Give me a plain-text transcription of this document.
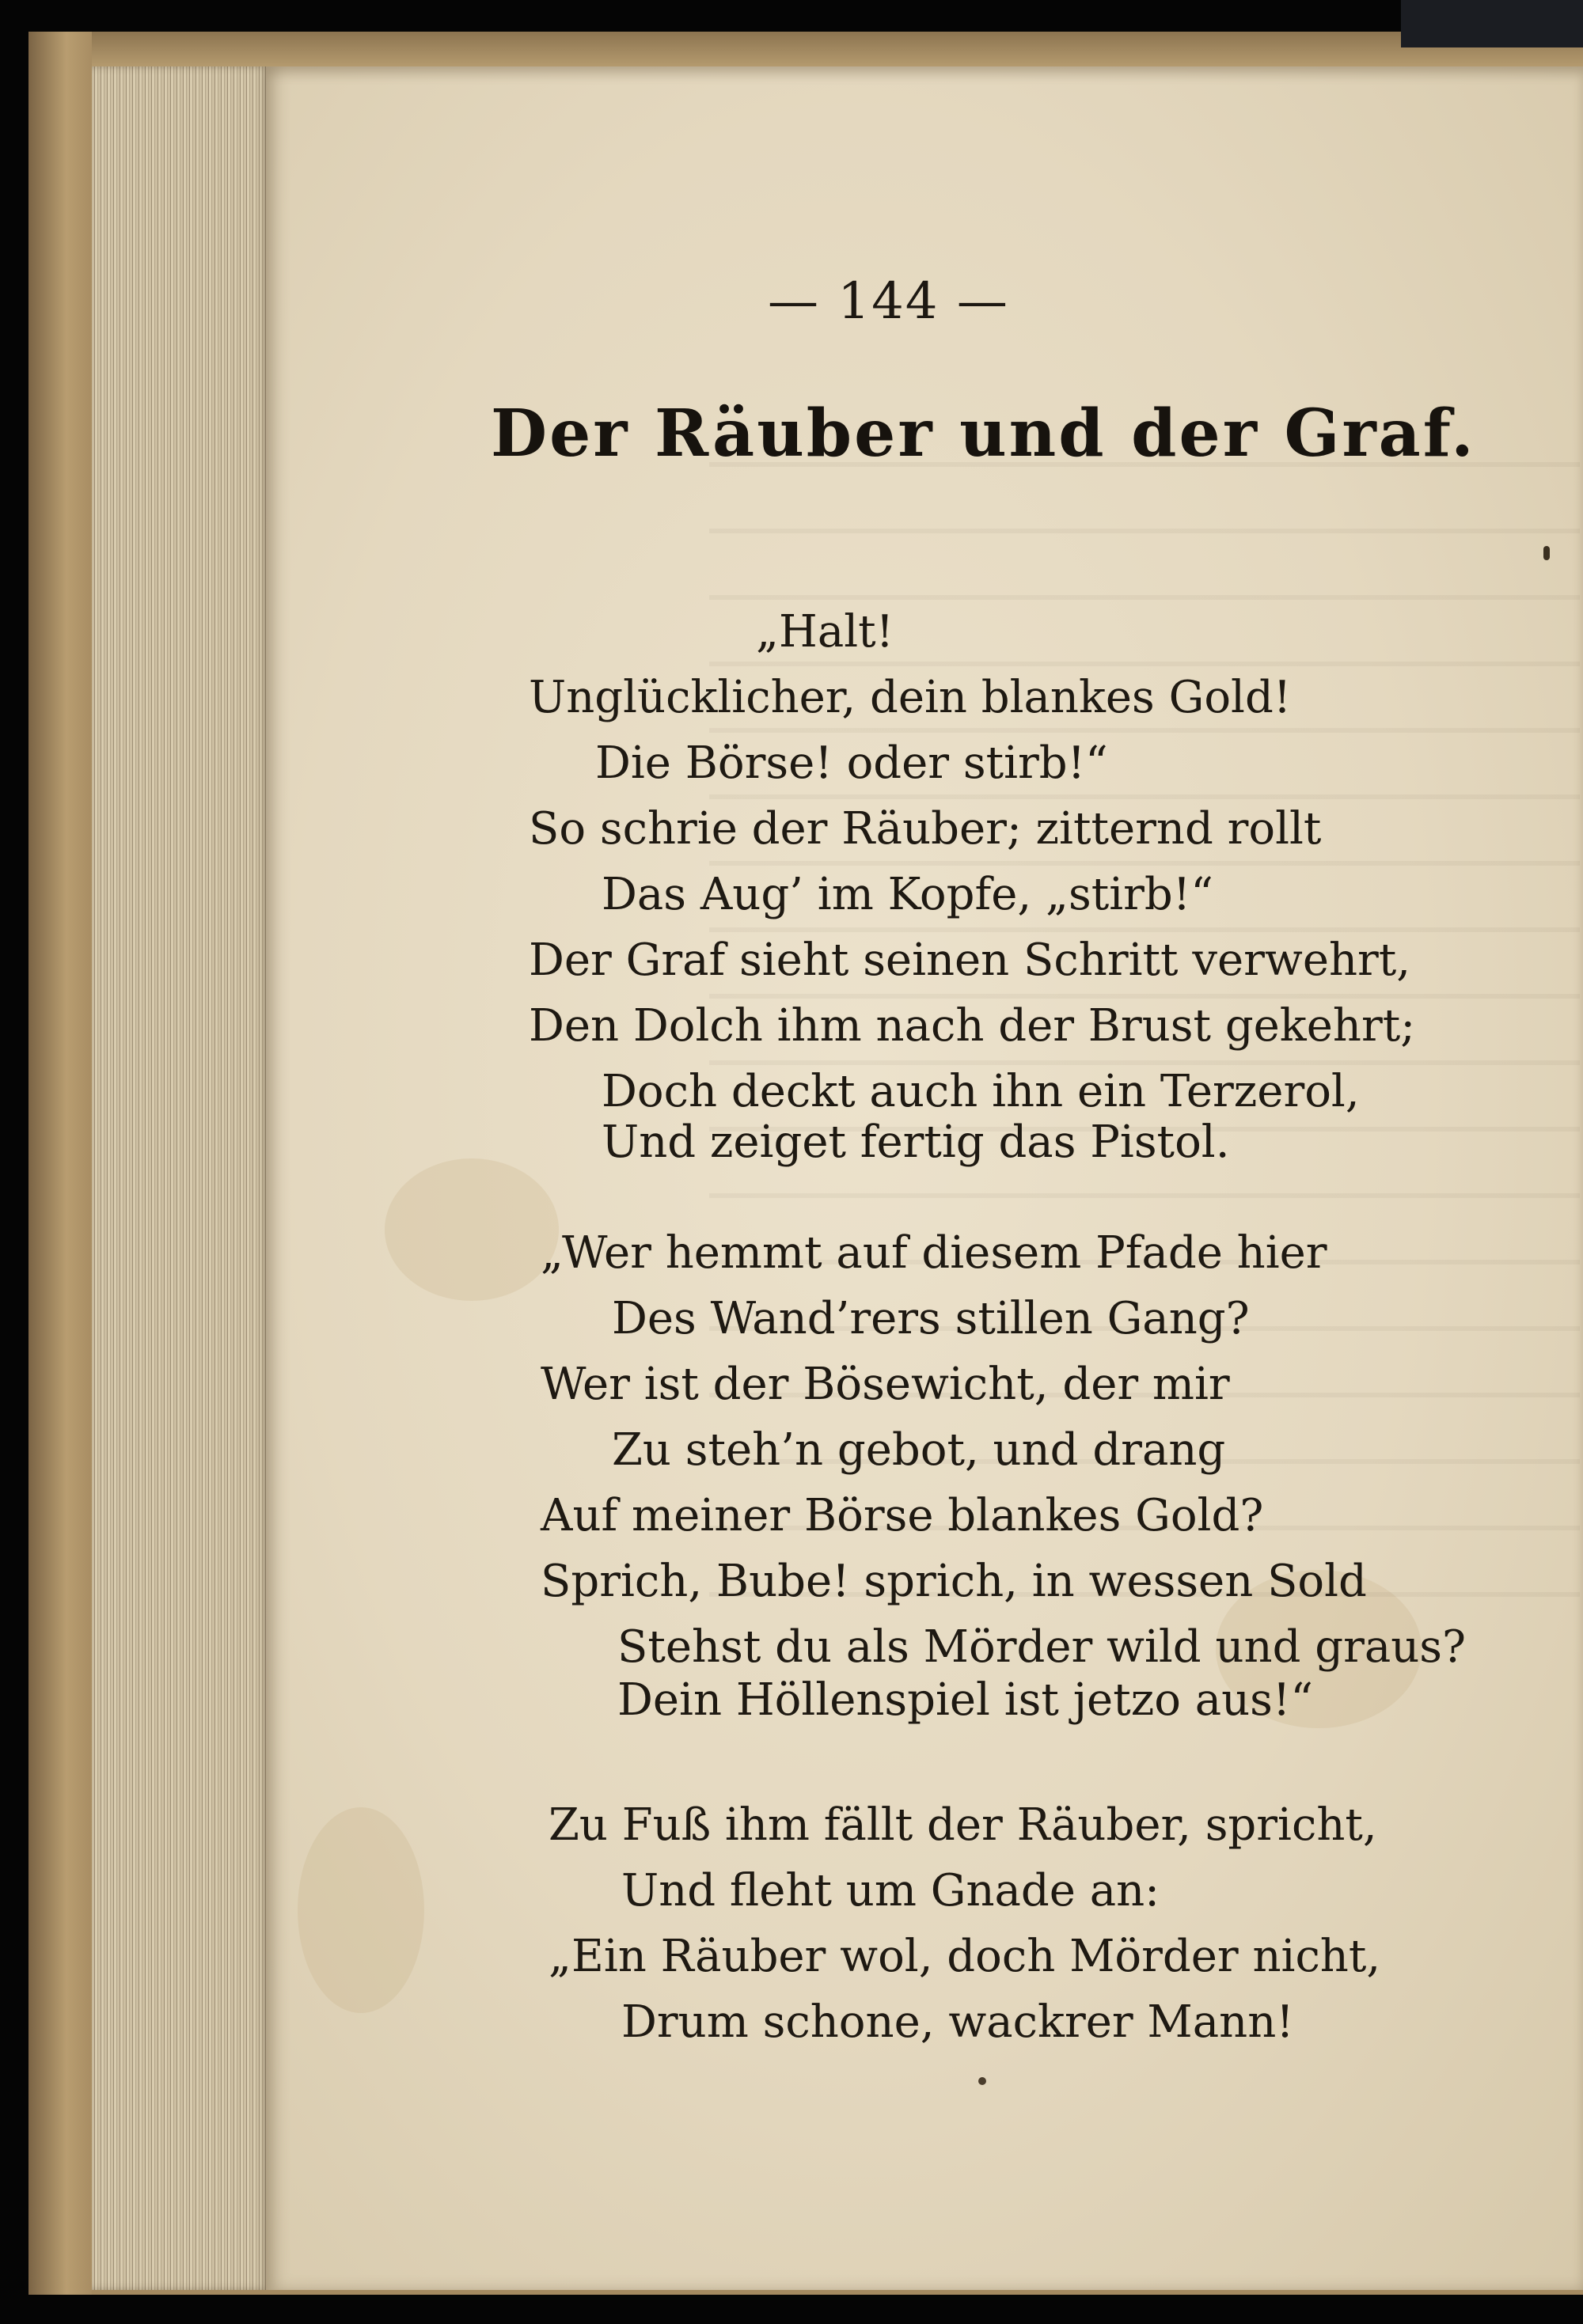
— 144 —
Der Räuber und der Graf.
„Halt!
Unglücklicher, dein blankes Gold!
Die Börse! oder stirb!“
So schrie der Räuber; zitternd rollt
Das Aug’ im Kopfe, „stirb!“
Der Graf sieht seinen Schritt verwehrt,
Den Dolch ihm nach der Brust gekehrt;
Doch deckt auch ihn ein Terzerol,
Und zeiget fertig das Pistol.
„Wer hemmt auf diesem Pfade hier
Des Wand’rers stillen Gang?
Wer ist der Bösewicht, der mir
Zu steh’n gebot, und drang
Auf meiner Börse blankes Gold?
Sprich, Bube! sprich, in wessen Sold
Stehst du als Mörder wild und graus?
Dein Höllenspiel ist jetzo aus!“
Zu Fuß ihm fällt der Räuber, spricht,
Und fleht um Gnade an:
„Ein Räuber wol, doch Mörder nicht,
Drum schone, wackrer Mann!
